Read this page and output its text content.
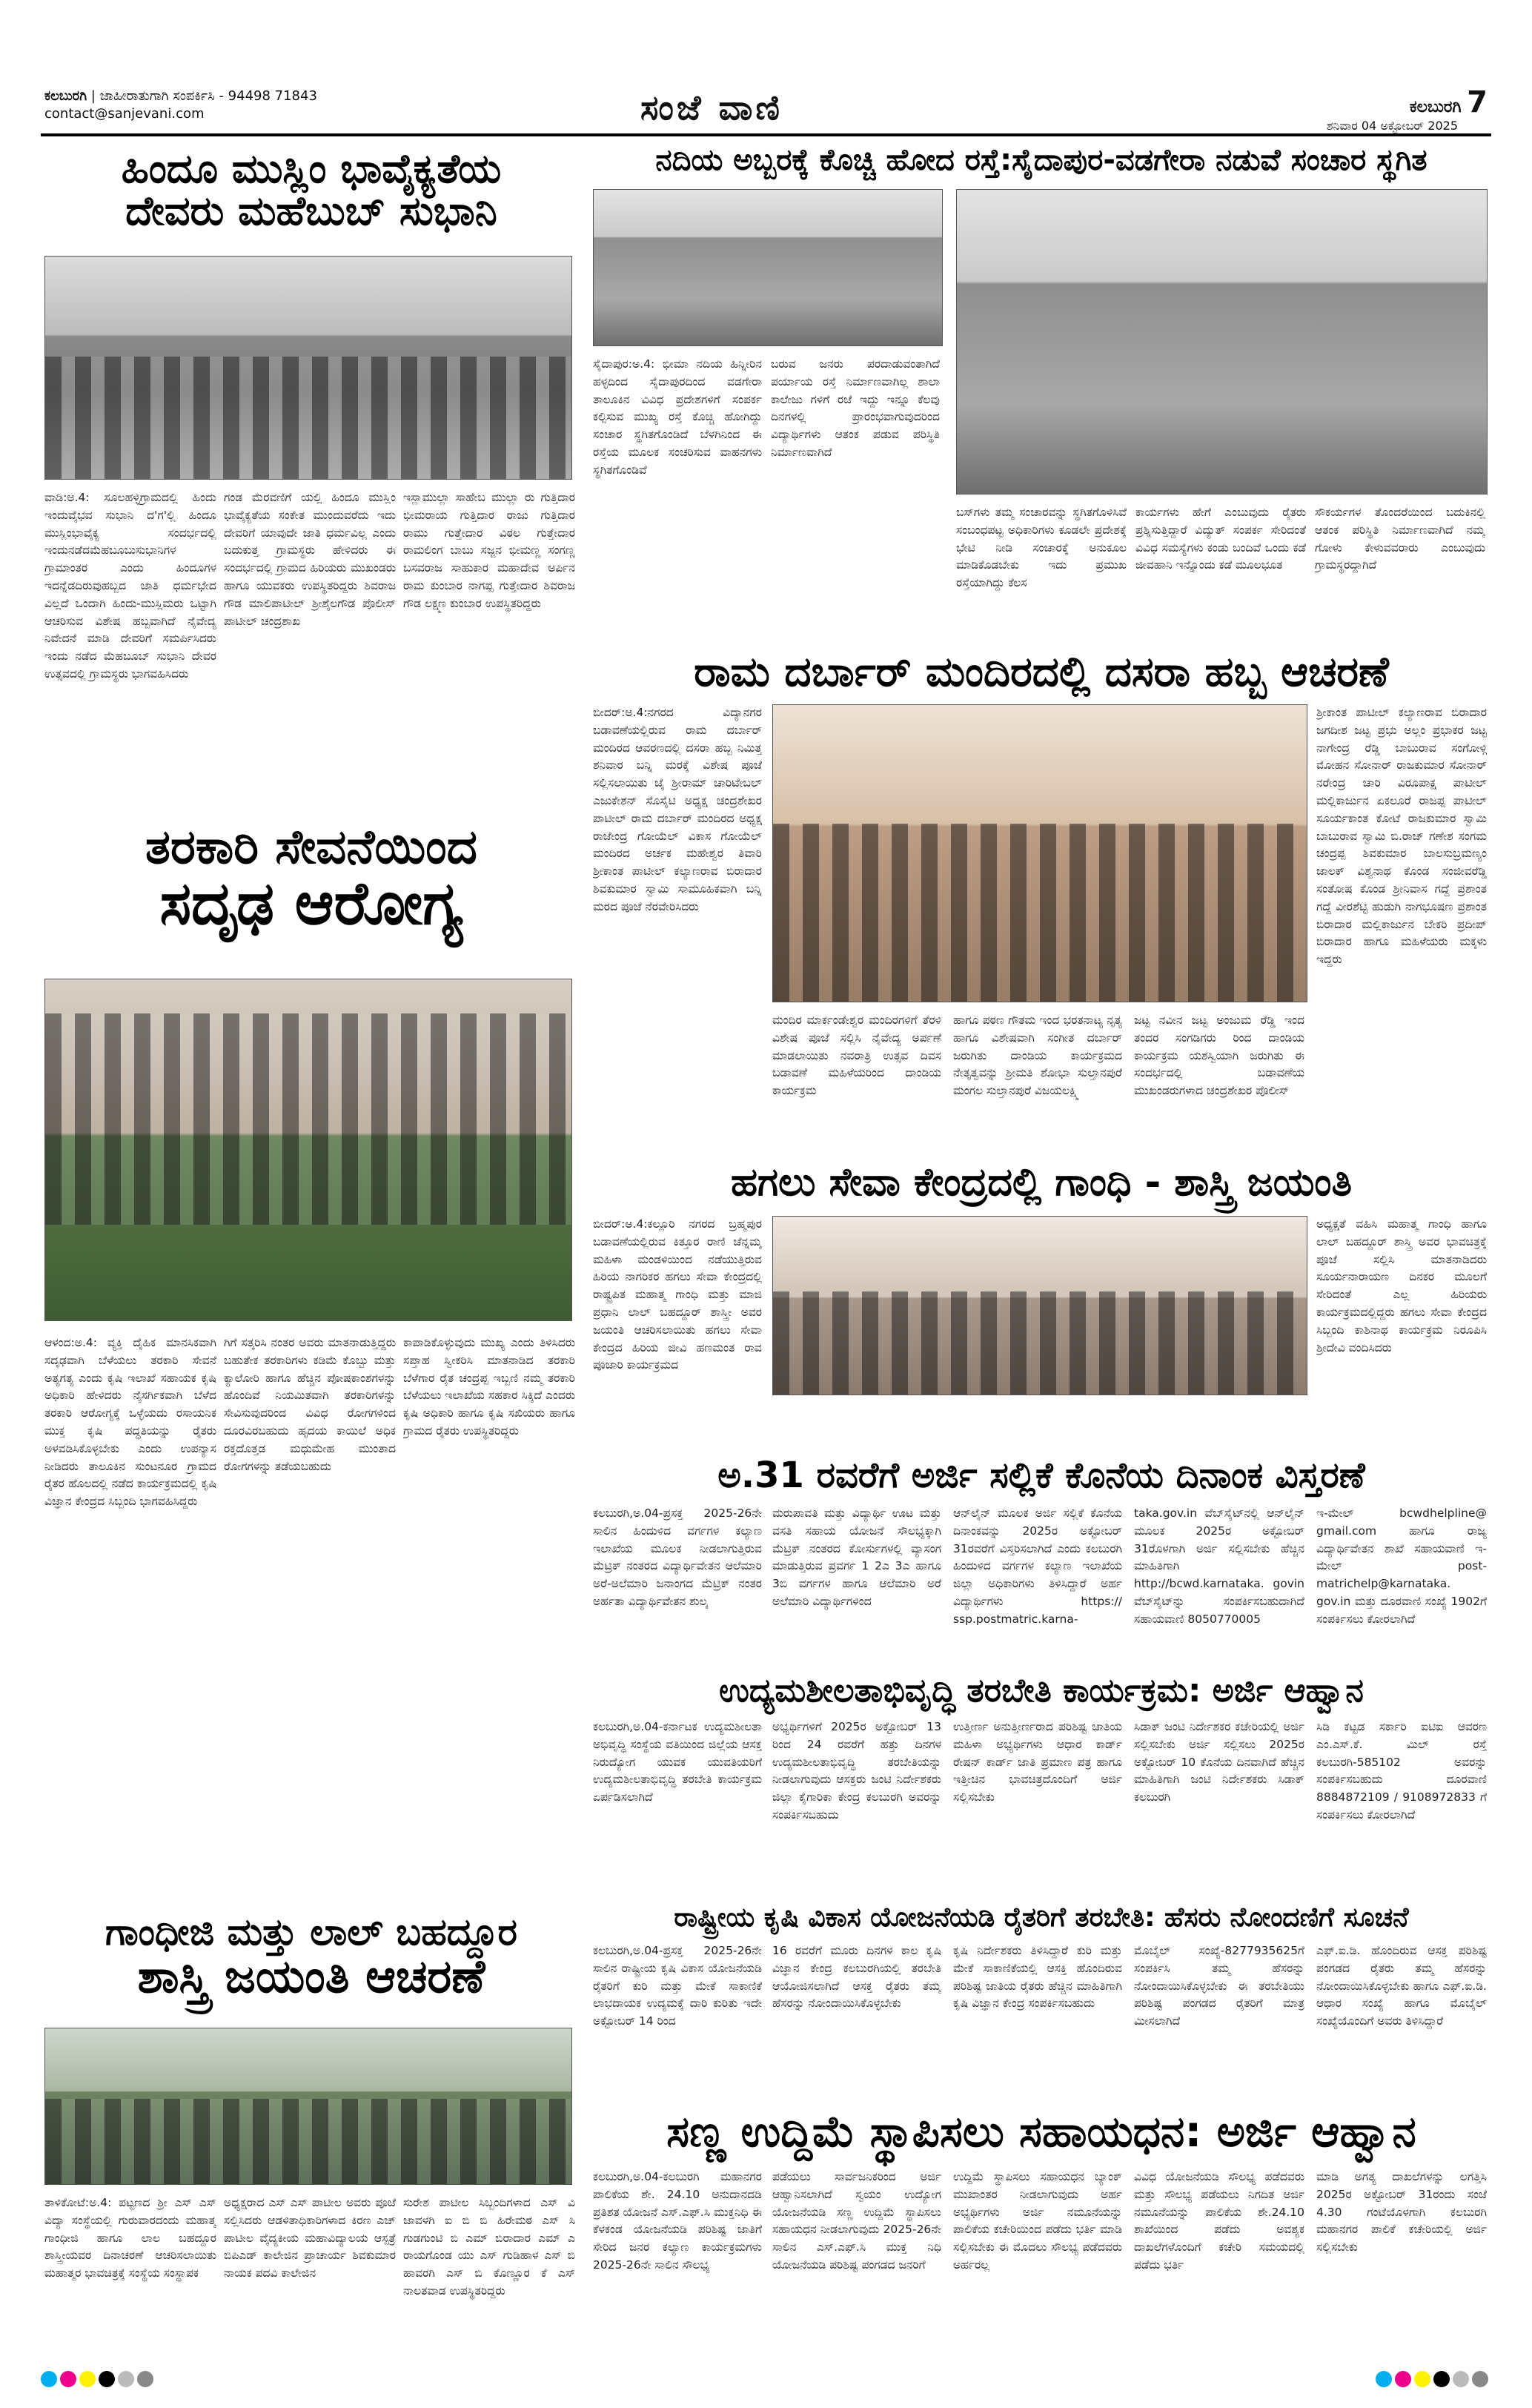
ಕಲಬುರಗಿ | ಜಾಹೀರಾತುಗಾಗಿ ಸಂಪರ್ಕಿಸಿ - 94498 71843
contact@sanjevani.com	ಸಂಜೆ ವಾಣಿ	ಕಲಬುರಗಿ 7
ಶನಿವಾರ 04 ಅಕ್ಟೋಬರ್ 2025
ಹಿಂದೂ ಮುಸ್ಲಿಂ ಭಾವೈಕ್ಯತೆಯ
ದೇವರು ಮಹೆಬುಬ್ ಸುಭಾನಿ
ವಾಡಿ:ಅ.4: ಸೂಲಹಳ್ಳಿಗ್ರಾಮದಲ್ಲಿ ಹಿಂದು ಇಂದುವೈಭವ ಸುಭಾನಿ ದ'ಗ'ಲ್ಲಿ ಹಿಂದೂ ಮುಸ್ಲಿಂಭಾವೈಕ್ಯ ಸಂದರ್ಭದಲ್ಲಿ ಇಂದುನಡೆದಮೆಹಬೂಬುಸುಭಾನಿಗಳ ಗ್ರಾಮಾಂತರ ಎಂದು ಹಿಂದೂಗಳ ಇದನ್ನೆಡದಿರುವುಹಬ್ಬದ ಜಾತಿ ಧರ್ಮಭೇದ ವಿಲ್ಲದೆ ಒಂದಾಗಿ ಹಿಂದು-ಮುಸ್ಲಿಮರು ಒಟ್ಟಾಗಿ ಆಚರಿಸುವ ವಿಶೇಷ ಹಬ್ಬವಾಗಿದೆ ನೈವೇದ್ಯ ನಿವೇದನೆ ಮಾಡಿ ದೇವರಿಗೆ ಸಮರ್ಪಿಸಿದರು ಇಂದು ನಡೆದ ಮೆಹಬೂಬ್ ಸುಭಾನಿ ದೇವರ ಉತ್ಸವದಲ್ಲಿ ಗ್ರಾಮಸ್ಥರು ಭಾಗವಹಿಸಿದರು
ಗಂಡ ಮೆರವಣಿಗೆ ಯಲ್ಲಿ ಹಿಂದೂ ಮುಸ್ಲಿಂ ಭಾವೈಕ್ಯತೆಯ ಸಂಕೇತ ಮುಂದುವರೆದು ಇದು ದೇವರಿಗೆ ಯಾವುದೇ ಜಾತಿ ಧರ್ಮವಿಲ್ಲ ಎಂದು ಬದುಕುತ್ತ ಗ್ರಾಮಸ್ಥರು ಹೇಳಿದರು ಈ ಸಂದರ್ಭದಲ್ಲಿ ಗ್ರಾಮದ ಹಿರಿಯರು ಮುಖಂಡರು ಹಾಗೂ ಯುವಕರು ಉಪಸ್ಥಿತರಿದ್ದರು ಶಿವರಾಜ ಗೌಡ ಮಾಲಿಪಾಟೀಲ್ ಶ್ರೀಶೈಲಗೌಡ ಪೊಲೀಸ್ ಪಾಟೀಲ್ ಚಂದ್ರಶಾಖ
ಇಸ್ಲಾಮುಲ್ಲಾ ಸಾಹೇಬ ಮುಲ್ಲಾ ರು ಗುತ್ತಿದಾರ ಭೀಮರಾಯ ಗುತ್ತಿದಾರ ರಾಜು ಗುತ್ತಿದಾರ ರಾಮು ಗುತ್ತೇದಾರ ವಿಠಲ ಗುತ್ತೇದಾರ ರಾಮಲಿಂಗ ಬಾಬು ಸಜ್ಜನ ಭೀಮಣ್ಣ ಸಂಗಣ್ಣ ಬಸವರಾಜ ಸಾಹುಕಾರ ಮಹಾದೇವ ಅರ್ಪಿನ ರಾಮ ಕುಂಬಾರ ನಾಗಪ್ಪ ಗುತ್ತೇದಾರ ಶಿವರಾಜ ಗೌಡ ಲಕ್ಷ್ಮಣ ಕುಂಬಾರ ಉಪಸ್ಥಿತರಿದ್ದರು
ತರಕಾರಿ ಸೇವನೆಯಿಂದ
ಸದೃಢ ಆರೋಗ್ಯ
ಆಳಂದ:ಅ.4: ವ್ಯಕ್ತಿ ದೈಹಿಕ ಮಾನಸಿಕವಾಗಿ ಸದೃಢವಾಗಿ ಬೆಳೆಯಲು ತರಕಾರಿ ಸೇವನೆ ಅತ್ಯಗತ್ಯ ಎಂದು ಕೃಷಿ ಇಲಾಖೆ ಸಹಾಯಕ ಕೃಷಿ ಅಧಿಕಾರಿ ಹೇಳಿದರು ನೈಸರ್ಗಿಕವಾಗಿ ಬೆಳೆದ ತರಕಾರಿ ಆರೋಗ್ಯಕ್ಕೆ ಒಳ್ಳೆಯದು ರಸಾಯನಿಕ ಮುಕ್ತ ಕೃಷಿ ಪದ್ಧತಿಯನ್ನು ರೈತರು ಅಳವಡಿಸಿಕೊಳ್ಳಬೇಕು ಎಂದು ಉಪನ್ಯಾಸ ನೀಡಿದರು ತಾಲೂಕಿನ ಸುಂಟನೂರ ಗ್ರಾಮದ ರೈತರ ಹೊಲದಲ್ಲಿ ನಡೆದ ಕಾರ್ಯಕ್ರಮದಲ್ಲಿ ಕೃಷಿ ವಿಜ್ಞಾನ ಕೇಂದ್ರದ ಸಿಬ್ಬಂದಿ ಭಾಗವಹಿಸಿದ್ದರು
ಗಿಗೆ ಸತ್ಕರಿಸಿ ನಂತರ ಅವರು ಮಾತನಾಡುತ್ತಿದ್ದರು ಬಹುತೇಕ ತರಕಾರಿಗಳು ಕಡಿಮೆ ಕೊಬ್ಬು ಮತ್ತು ಕ್ಯಾಲೋರಿ ಹಾಗೂ ಹೆಚ್ಚಿನ ಪೋಷಕಾಂಶಗಳನ್ನು ಹೊಂದಿವೆ ನಿಯಮಿತವಾಗಿ ತರಕಾರಿಗಳನ್ನು ಸೇವಿಸುವುದರಿಂದ ವಿವಿಧ ರೋಗಗಳಿಂದ ದೂರವಿರಬಹುದು ಹೃದಯ ಕಾಯಿಲೆ ಅಧಿಕ ರಕ್ತದೊತ್ತಡ ಮಧುಮೇಹ ಮುಂತಾದ ರೋಗಗಳನ್ನು ತಡೆಯಬಹುದು
ಕಾಪಾಡಿಕೊಳ್ಳುವುದು ಮುಖ್ಯ ಎಂದು ತಿಳಿಸಿದರು ಸಪ್ತಾಹ ಸ್ವೀಕರಿಸಿ ಮಾತನಾಡಿದ ತರಕಾರಿ ಬೆಳೆಗಾರ ರೈತ ಚಂದ್ರಪ್ಪ ಇಬ್ಬಣಿ ನಮ್ಮ ತರಕಾರಿ ಬೆಳೆಯಲು ಇಲಾಖೆಯ ಸಹಕಾರ ಸಿಕ್ಕಿದೆ ಎಂದರು ಕೃಷಿ ಅಧಿಕಾರಿ ಹಾಗೂ ಕೃಷಿ ಸಖಿಯರು ಹಾಗೂ ಗ್ರಾಮದ ರೈತರು ಉಪಸ್ಥಿತರಿದ್ದರು
ಗಾಂಧೀಜಿ ಮತ್ತು ಲಾಲ್ ಬಹದ್ದೂರ
ಶಾಸ್ತ್ರಿ ಜಯಂತಿ ಆಚರಣೆ
ತಾಳಿಕೋಟೆ:ಅ.4: ಪಟ್ಟಣದ ಶ್ರೀ ಎಸ್ ಎಸ್ ವಿದ್ಯಾ ಸಂಸ್ಥೆಯಲ್ಲಿ ಗುರುವಾರದಂದು ಮಹಾತ್ಮ ಗಾಂಧೀಜಿ ಹಾಗೂ ಲಾಲ ಬಹದ್ದೂರ ಶಾಸ್ತ್ರೀಯವರ ದಿನಾಚರಣೆ ಆಚರಿಸಲಾಯಿತು ಮಹಾತ್ಮರ ಭಾವಚಿತ್ರಕ್ಕೆ ಸಂಸ್ಥೆಯ ಸಂಸ್ಥಾಪಕ
ಅಧ್ಯಕ್ಷರಾದ ಎಸ್ ಎಸ್ ಪಾಟೀಲ ಅವರು ಪೂಜೆ ಸಲ್ಲಿಸಿದರು ಆಡಳಿತಾಧಿಕಾರಿಗಳಾದ ಕಿರಣ ಎಚ್ ಪಾಟೀಲ ವೈದ್ಯಕೀಯ ಮಹಾವಿದ್ಯಾಲಯ ಆಸ್ಪತ್ರೆ ಬಿಪಿಎಡ್ ಕಾಲೇಜಿನ ಪ್ರಾಚಾರ್ಯ ಶಿವಕುಮಾರ ನಾಯಕ ಪದವಿ ಕಾಲೇಜಿನ
ಸುರೇಶ ಪಾಟೀಲ ಸಿಬ್ಬಂದಿಗಳಾದ ಎಸ್ ವಿ ಜಾವಳಗಿ ಐ ಬಿ ಬಿ ಹಿರೇಮಠ ಎಸ್ ಸಿ ಗುಡಗುಂಟಿ ಬಿ ಎಮ್ ಬಿರಾದಾರ ಎಮ್ ಎ ರಾಯಗೊಂಡ ಯು ಎಸ್ ಗುಡಿಹಾಳ ಎಸ್ ಬಿ ಹಾವರಗಿ ಎಸ್ ಬಿ ಕೊಣ್ಣೂರ ಕೆ ಎಸ್ ನಾಲತವಾಡ ಉಪಸ್ಥಿತರಿದ್ದರು
ನದಿಯ ಅಬ್ಬರಕ್ಕೆ ಕೊಚ್ಚಿ ಹೋದ ರಸ್ತೆ:ಸೈದಾಪುರ-ವಡಗೇರಾ ನಡುವೆ ಸಂಚಾರ ಸ್ಥಗಿತ
ಸೈದಾಪುರ:ಅ.4: ಭೀಮಾ ನದಿಯ ಹಿನ್ನೀರಿನ ಹಳ್ಳದಿಂದ ಸೈದಾಪುರದಿಂದ ವಡಗೇರಾ ತಾಲೂಕಿನ ವಿವಿಧ ಪ್ರದೇಶಗಳಿಗೆ ಸಂಪರ್ಕ ಕಲ್ಪಿಸುವ ಮುಖ್ಯ ರಸ್ತೆ ಕೊಚ್ಚಿ ಹೋಗಿದ್ದು ಸಂಚಾರ ಸ್ಥಗಿತಗೊಂಡಿದೆ ಬೆಳಗಿನಿಂದ ಈ ರಸ್ತೆಯ ಮೂಲಕ ಸಂಚರಿಸುವ ವಾಹನಗಳು ಸ್ಥಗಿತಗೊಂಡಿವೆ
ಬರುವ ಜನರು ಪರದಾಡುವಂತಾಗಿದೆ ಪರ್ಯಾಯ ರಸ್ತೆ ನಿರ್ಮಾಣವಾಗಿಲ್ಲ ಶಾಲಾ ಕಾಲೇಜು ಗಳಿಗೆ ರಜೆ ಇದ್ದು ಇನ್ನೂ ಕೆಲವು ದಿನಗಳಲ್ಲಿ ಪ್ರಾರಂಭವಾಗುವುದರಿಂದ ವಿದ್ಯಾರ್ಥಿಗಳು ಆತಂಕ ಪಡುವ ಪರಿಸ್ಥಿತಿ ನಿರ್ಮಾಣವಾಗಿದೆ
ಬಸ್‌ಗಳು ತಮ್ಮ ಸಂಚಾರವನ್ನು ಸ್ಥಗಿತಗೊಳಿಸಿವೆ ಸಂಬಂಧಪಟ್ಟ ಅಧಿಕಾರಿಗಳು ಕೂಡಲೇ ಪ್ರದೇಶಕ್ಕೆ ಭೇಟಿ ನೀಡಿ ಸಂಚಾರಕ್ಕೆ ಅನುಕೂಲ ಮಾಡಿಕೊಡಬೇಕು ಇದು ಪ್ರಮುಖ ರಸ್ತೆಯಾಗಿದ್ದು ಕೆಲಸ
ಕಾರ್ಯಗಳು ಹೇಗೆ ಎಂಬುವುದು ರೈತರು ಪ್ರಶ್ನಿಸುತ್ತಿದ್ದಾರೆ ವಿದ್ಯುತ್ ಸಂಪರ್ಕ ಸೇರಿದಂತೆ ವಿವಿಧ ಸಮಸ್ಯೆಗಳು ಕಂಡು ಬಂದಿವೆ ಒಂದು ಕಡೆ ಜೀವಹಾನಿ ಇನ್ನೊಂದು ಕಡೆ ಮೂಲಭೂತ
ಸೌಕರ್ಯಗಳ ತೊಂದರೆಯಿಂದ ಬದುಕಿನಲ್ಲಿ ಆತಂಕ ಪರಿಸ್ಥಿತಿ ನಿರ್ಮಾಣವಾಗಿದೆ ನಮ್ಮ ಗೋಳು ಕೇಳುವವರಾರು ಎಂಬುವುದು ಗ್ರಾಮಸ್ಥರದ್ದಾಗಿದೆ
ರಾಮ ದರ್ಬಾರ್ ಮಂದಿರದಲ್ಲಿ ದಸರಾ ಹಬ್ಬ ಆಚರಣೆ
ಬೀದರ್:ಅ.4:ನಗರದ ವಿದ್ಯಾನಗರ ಬಡಾವಣೆಯಲ್ಲಿರುವ ರಾಮ ದರ್ಬಾರ್ ಮಂದಿರದ ಆವರಣದಲ್ಲಿ ದಸರಾ ಹಬ್ಬ ನಿಮಿತ್ತ ಶನಿವಾರ ಬನ್ನಿ ಮರಕ್ಕೆ ವಿಶೇಷ ಪೂಜೆ ಸಲ್ಲಿಸಲಾಯಿತು ಜೈ ಶ್ರೀರಾಮ್ ಚಾರಿಟೇಬಲ್ ಎಜುಕೇಶನ್ ಸೊಸೈಟಿ ಅಧ್ಯಕ್ಷ ಚಂದ್ರಶೇಖರ ಪಾಟೀಲ್ ರಾಮ ದರ್ಬಾರ್ ಮಂದಿರದ ಅಧ್ಯಕ್ಷ ರಾಜೇಂದ್ರ ಗೋಯೆಲ್ ವಿಕಾಸ ಗೋಯೆಲ್ ಮಂದಿರದ ಅರ್ಚಕ ಮಹೇಶ್ವರ ತಿವಾರಿ ಶ್ರೀಕಾಂತ ಪಾಟೀಲ್ ಕಲ್ಯಾಣರಾವ ಬಿರಾದಾರ ಶಿವಕುಮಾರ ಸ್ವಾಮಿ ಸಾಮೂಹಿಕವಾಗಿ ಬನ್ನಿ ಮರದ ಪೂಜೆ ನೆರವೇರಿಸಿದರು
ಮಂದಿರ ಮಾರ್ಕಂಡೇಶ್ವರ ಮಂದಿರಗಳಿಗೆ ತೆರಳಿ ವಿಶೇಷ ಪೂಜೆ ಸಲ್ಲಿಸಿ ನೈವೇದ್ಯ ಅರ್ಪಣೆ ಮಾಡಲಾಯಿತು ನವರಾತ್ರಿ ಉತ್ಸವ ದಿವಸ ಬಡಾವಣೆ ಮಹಿಳೆಯರಿಂದ ದಾಂಡಿಯ ಕಾರ್ಯಕ್ರಮ
ಹಾಗೂ ಪಠಣ ಗೌತಮ ಇಂದ ಭರತನಾಟ್ಯ ನೃತ್ಯ ಹಾಗೂ ವಿಶೇಷವಾಗಿ ಸಂಗೀತ ದರ್ಬಾರ್ ಜರುಗಿತು ದಾಂಡಿಯ ಕಾರ್ಯಕ್ರಮದ ನೇತೃತ್ವವನ್ನು ಶ್ರೀಮತಿ ಶೋಭಾ ಸುಲ್ತಾನಪುರೆ ಮಂಗಲ ಸುಲ್ತಾನಪುರೆ ವಿಜಯಲಕ್ಷ್ಮಿ
ಜಟ್ಟ ನವೀನ ಜಟ್ಟ ಅಂಜುಮ ರೆಡ್ಡಿ ಇಂದ ತಂದರ ಸಂಗಡಿಗರು ರಿಂದ ದಾಂಡಿಯ ಕಾರ್ಯಕ್ರಮ ಯಶಸ್ವಿಯಾಗಿ ಜರುಗಿತು ಈ ಸಂದರ್ಭದಲ್ಲಿ ಬಡಾವಣೆಯ ಮುಖಂಡರುಗಳಾದ ಚಂದ್ರಶೇಖರ ಪೊಲೀಸ್
ಶ್ರೀಕಾಂತ ಪಾಟೀಲ್ ಕಲ್ಯಾಣರಾವ ಬಿರಾದಾರ ಜಗದೀಶ ಜಟ್ಟ ಪ್ರಭು ಅಲ್ಲಂ ಪ್ರಭಾಕರ ಜಟ್ಟ ನಾಗೇಂದ್ರ ರೆಡ್ಡಿ ಬಾಬುರಾವ ಸಂಗೋಳ್ಗಿ ಮೋಹನ ಸೋನಾರ್ ರಾಜಕುಮಾರ ಸೋನಾರ್ ನರೇಂದ್ರ ಚಾರಿ ವಿರೂಪಾಕ್ಷ ಪಾಟೀಲ್ ಮಲ್ಲಿಕಾರ್ಜುನ ಏಕಲೂರೆ ರಾಜಪ್ಪ ಪಾಟೀಲ್ ಸೂರ್ಯಕಾಂತ ಕೋಟೆ ರಾಜಕುಮಾರ ಸ್ವಾಮಿ ಬಾಬುರಾವ ಸ್ವಾಮಿ ಬಿ.ರಾಜ್ ಗಣೇಶ ಸಂಗಮ ಚಂದ್ರಪ್ಪ ಶಿವಕುಮಾರ ಬಾಲಸುಬ್ರಮಣ್ಯಂ ಜಾಲಕ್ ವಿಶ್ವನಾಥ ಕೊಂಡ ಸಂಜೀವರೆಡ್ಡಿ ಸಂತೋಷ ಕೊಂಡ ಶ್ರೀನಿವಾಸ ಗದ್ದೆ ಪ್ರಶಾಂತ ಗದ್ದೆ ವೀರಶೆಟ್ಟಿ ಹುಡುಗಿ ನಾಗಭೂಷಣ ಪ್ರಶಾಂತ ಬಿರಾದಾರ ಮಲ್ಲಿಕಾರ್ಜುನ ಬೇಕರಿ ಪ್ರದೀಪ್ ಬಿರಾದಾರ ಹಾಗೂ ಮಹಿಳೆಯರು ಮಕ್ಕಳು ಇದ್ದರು
ಹಗಲು ಸೇವಾ ಕೇಂದ್ರದಲ್ಲಿ ಗಾಂಧಿ - ಶಾಸ್ತ್ರಿ ಜಯಂತಿ
ಬೀದರ್:ಅ.4:ಕಲ್ಲೂರಿ ನಗರದ ಬ್ರಹ್ಮಪುರ ಬಡಾವಣೆಯಲ್ಲಿರುವ ಕಿತ್ತೂರ ರಾಣಿ ಚೆನ್ನಮ್ಮ ಮಹಿಳಾ ಮಂಡಳಿಯಿಂದ ನಡೆಯುತ್ತಿರುವ ಹಿರಿಯ ನಾಗರಿಕರ ಹಗಲು ಸೇವಾ ಕೇಂದ್ರದಲ್ಲಿ ರಾಷ್ಟ್ರಪಿತ ಮಹಾತ್ಮ ಗಾಂಧಿ ಮತ್ತು ಮಾಜಿ ಪ್ರಧಾನಿ ಲಾಲ್ ಬಹದ್ದೂರ್ ಶಾಸ್ತ್ರೀ ಅವರ ಜಯಂತಿ ಆಚರಿಸಲಾಯಿತು ಹಗಲು ಸೇವಾ ಕೇಂದ್ರದ ಹಿರಿಯ ಜೀವಿ ಹಣಮಂತ ರಾವ ಪೂಜಾರಿ ಕಾರ್ಯಕ್ರಮದ
ಅಧ್ಯಕ್ಷತೆ ವಹಿಸಿ ಮಹಾತ್ಮ ಗಾಂಧಿ ಹಾಗೂ ಲಾಲ್ ಬಹದ್ದೂರ್ ಶಾಸ್ತ್ರಿ ಅವರ ಭಾವಚಿತ್ರಕ್ಕೆ ಪೂಜೆ ಸಲ್ಲಿಸಿ ಮಾತನಾಡಿದರು ಸೂರ್ಯನಾರಾಯಣ ದಿನಕರ ಮೂಲಗೆ ಸೇರಿದಂತೆ ಎಲ್ಲ ಹಿರಿಯರು ಕಾರ್ಯಕ್ರಮದಲ್ಲಿದ್ದರು ಹಗಲು ಸೇವಾ ಕೇಂದ್ರದ ಸಿಬ್ಬಂದಿ ಕಾಶಿನಾಥ ಕಾರ್ಯಕ್ರಮ ನಿರೂಪಿಸಿ ಶ್ರೀದೇವಿ ವಂದಿಸಿದರು
ಅ.31 ರವರೆಗೆ ಅರ್ಜಿ ಸಲ್ಲಿಕೆ ಕೊನೆಯ ದಿನಾಂಕ ವಿಸ್ತರಣೆ
ಕಲಬುರಗಿ,ಅ.04-ಪ್ರಸಕ್ತ 2025-26ನೇ ಸಾಲಿನ ಹಿಂದುಳಿದ ವರ್ಗಗಳ ಕಲ್ಯಾಣ ಇಲಾಖೆಯ ಮೂಲಕ ನೀಡಲಾಗುತ್ತಿರುವ ಮೆಟ್ರಿಕ್ ನಂತರದ ವಿದ್ಯಾರ್ಥಿವೇತನ ಆಲೆಮಾರಿ ಅರೆ-ಅಲೆಮಾರಿ ಜನಾಂಗದ ಮೆಟ್ರಿಕ್ ನಂತರ ಅರ್ಹತಾ ವಿದ್ಯಾರ್ಥಿವೇತನ ಶುಲ್ಕ
ಮರುಪಾವತಿ ಮತ್ತು ವಿದ್ಯಾರ್ಥಿ ಊಟ ಮತ್ತು ವಸತಿ ಸಹಾಯ ಯೋಜನೆ ಸೌಲಭ್ಯಕ್ಕಾಗಿ ಮೆಟ್ರಿಕ್ ನಂತರದ ಕೋರ್ಸುಗಳಲ್ಲಿ ವ್ಯಾಸಂಗ ಮಾಡುತ್ತಿರುವ ಪ್ರವರ್ಗ 1 2ಎ 3ಎ ಹಾಗೂ 3ಬಿ ವರ್ಗಗಳ ಹಾಗೂ ಆಲೆಮಾರಿ ಅರೆ ಅಲೆಮಾರಿ ವಿದ್ಯಾರ್ಥಿಗಳಿಂದ
ಆನ್‌ಲೈನ್ ಮೂಲಕ ಅರ್ಜಿ ಸಲ್ಲಿಕೆ ಕೊನೆಯ ದಿನಾಂಕವನ್ನು 2025ರ ಅಕ್ಟೋಬರ್ 31ರವರೆಗೆ ವಿಸ್ತರಿಸಲಾಗಿದೆ ಎಂದು ಕಲಬುರಗಿ ಹಿಂದುಳಿದ ವರ್ಗಗಳ ಕಲ್ಯಾಣ ಇಲಾಖೆಯ ಜಿಲ್ಲಾ ಅಧಿಕಾರಿಗಳು ತಿಳಿಸಿದ್ದಾರೆ ಅರ್ಹ ವಿದ್ಯಾರ್ಥಿಗಳು https:// ssp.postmatric.karna-
taka.gov.in ವೆಬ್‌ಸೈಟ್‌ನಲ್ಲಿ ಆನ್‌ಲೈನ್ ಮೂಲಕ 2025ರ ಅಕ್ಟೋಬರ್ 31ರೊಳಗಾಗಿ ಅರ್ಜಿ ಸಲ್ಲಿಸಬೇಕು ಹೆಚ್ಚಿನ ಮಾಹಿತಿಗಾಗಿ http://bcwd.karnataka. govin ವೆಬ್‌ಸೈಟ್‌ನ್ನು ಸಂಪರ್ಕಿಸಬಹುದಾಗಿದೆ ಸಹಾಯವಾಣಿ 8050770005
ಇ-ಮೇಲ್ bcwdhelpline@ gmail.com ಹಾಗೂ ರಾಜ್ಯ ವಿದ್ಯಾರ್ಥಿವೇತನ ಶಾಖೆ ಸಹಾಯವಾಣಿ ಇ-ಮೇಲ್ post-matrichelp@karnataka. gov.in ಮತ್ತು ದೂರವಾಣಿ ಸಂಖ್ಯೆ 1902ಗೆ ಸಂಪರ್ಕಿಸಲು ಕೋರಲಾಗಿದೆ
ಉದ್ಯಮಶೀಲತಾಭಿವೃದ್ಧಿ ತರಬೇತಿ ಕಾರ್ಯಕ್ರಮ: ಅರ್ಜಿ ಆಹ್ವಾನ
ಕಲಬುರಗಿ,ಅ.04-ಕರ್ನಾಟಕ ಉದ್ಯಮಶೀಲತಾ ಅಭಿವೃದ್ಧಿ ಸಂಸ್ಥೆಯ ವತಿಯಿಂದ ಜಿಲ್ಲೆಯ ಆಸಕ್ತ ನಿರುದ್ಯೋಗ ಯುವಕ ಯುವತಿಯರಿಗೆ ಉದ್ಯಮಶೀಲತಾಭಿವೃದ್ಧಿ ತರಬೇತಿ ಕಾರ್ಯಕ್ರಮ ಏರ್ಪಡಿಸಲಾಗಿದೆ
ಅಭ್ಯರ್ಥಿಗಳಿಗೆ 2025ರ ಅಕ್ಟೋಬರ್ 13 ರಿಂದ 24 ರವರೆಗೆ ಹತ್ತು ದಿನಗಳ ಉದ್ಯಮಶೀಲತಾಭಿವೃದ್ಧಿ ತರಬೇತಿಯನ್ನು ನೀಡಲಾಗುವುದು ಆಸಕ್ತರು ಜಂಟಿ ನಿರ್ದೇಶಕರು ಜಿಲ್ಲಾ ಕೈಗಾರಿಕಾ ಕೇಂದ್ರ ಕಲಬುರಗಿ ಅವರನ್ನು ಸಂಪರ್ಕಿಸಬಹುದು
ಉತ್ತೀರ್ಣ ಅನುತ್ತೀರ್ಣರಾದ ಪರಿಶಿಷ್ಟ ಜಾತಿಯ ಮಹಿಳಾ ಅಭ್ಯರ್ಥಿಗಳು ಆಧಾರ ಕಾರ್ಡ್ ರೇಷನ್ ಕಾರ್ಡ್ ಜಾತಿ ಪ್ರಮಾಣ ಪತ್ರ ಹಾಗೂ ಇತ್ತೀಚಿನ ಭಾವಚಿತ್ರದೊಂದಿಗೆ ಅರ್ಜಿ ಸಲ್ಲಿಸಬೇಕು
ಸಿಡಾಕ್ ಜಂಟಿ ನಿರ್ದೇಶಕರ ಕಚೇರಿಯಲ್ಲಿ ಅರ್ಜಿ ಸಲ್ಲಿಸಬೇಕು ಅರ್ಜಿ ಸಲ್ಲಿಸಲು 2025ರ ಅಕ್ಟೋಬರ್ 10 ಕೊನೆಯ ದಿನವಾಗಿದೆ ಹೆಚ್ಚಿನ ಮಾಹಿತಿಗಾಗಿ ಜಂಟಿ ನಿರ್ದೇಶಕರು ಸಿಡಾಕ್ ಕಲಬುರಗಿ
ಸಿಡಿ ಕಟ್ಟಡ ಸರ್ಕಾರಿ ಐಟಿಐ ಆವರಣ ಎಂ.ಎಸ್.ಕೆ. ಮಿಲ್ ರಸ್ತೆ ಕಲಬುರಗಿ-585102 ಅವರನ್ನು ಸಂಪರ್ಕಿಸಬಹುದು ದೂರವಾಣಿ 8884872109 / 9108972833 ಗೆ ಸಂಪರ್ಕಿಸಲು ಕೋರಲಾಗಿದೆ
ರಾಷ್ಟ್ರೀಯ ಕೃಷಿ ವಿಕಾಸ ಯೋಜನೆಯಡಿ ರೈತರಿಗೆ ತರಬೇತಿ: ಹೆಸರು ನೋಂದಣಿಗೆ ಸೂಚನೆ
ಕಲಬುರಗಿ,ಅ.04-ಪ್ರಸಕ್ತ 2025-26ನೇ ಸಾಲಿನ ರಾಷ್ಟ್ರೀಯ ಕೃಷಿ ವಿಕಾಸ ಯೋಜನೆಯಡಿ ರೈತರಿಗೆ ಕುರಿ ಮತ್ತು ಮೇಕೆ ಸಾಕಾಣಿಕೆ ಲಾಭದಾಯಕ ಉದ್ಯಮಕ್ಕೆ ದಾರಿ ಕುರಿತು ಇದೇ ಅಕ್ಟೋಬರ್ 14 ರಿಂದ
16 ರವರೆಗೆ ಮೂರು ದಿನಗಳ ಕಾಲ ಕೃಷಿ ವಿಜ್ಞಾನ ಕೇಂದ್ರ ಕಲಬುರಗಿಯಲ್ಲಿ ತರಬೇತಿ ಆಯೋಜಿಸಲಾಗಿದೆ ಆಸಕ್ತ ರೈತರು ತಮ್ಮ ಹೆಸರನ್ನು ನೋಂದಾಯಿಸಿಕೊಳ್ಳಬೇಕು
ಕೃಷಿ ನಿರ್ದೇಶಕರು ತಿಳಿಸಿದ್ದಾರೆ ಕುರಿ ಮತ್ತು ಮೇಕೆ ಸಾಕಾಣಿಕೆಯಲ್ಲಿ ಆಸಕ್ತಿ ಹೊಂದಿರುವ ಪರಿಶಿಷ್ಟ ಜಾತಿಯ ರೈತರು ಹೆಚ್ಚಿನ ಮಾಹಿತಿಗಾಗಿ ಕೃಷಿ ವಿಜ್ಞಾನ ಕೇಂದ್ರ ಸಂಪರ್ಕಿಸಬಹುದು
ಮೊಬೈಲ್ ಸಂಖ್ಯೆ-8277935625ಗೆ ಸಂಪರ್ಕಿಸಿ ತಮ್ಮ ಹೆಸರನ್ನು ನೋಂದಾಯಿಸಿಕೊಳ್ಳಬೇಕು ಈ ತರಬೇತಿಯು ಪರಿಶಿಷ್ಟ ಪಂಗಡದ ರೈತರಿಗೆ ಮಾತ್ರ ಮೀಸಲಾಗಿದೆ
ಎಫ್.ಐ.ಡಿ. ಹೊಂದಿರುವ ಆಸಕ್ತ ಪರಿಶಿಷ್ಟ ಪಂಗಡದ ರೈತರು ತಮ್ಮ ಹೆಸರನ್ನು ನೋಂದಾಯಿಸಿಕೊಳ್ಳಬೇಕು ಹಾಗೂ ಎಫ್.ಐ.ಡಿ. ಆಧಾರ ಸಂಖ್ಯೆ ಹಾಗೂ ಮೊಬೈಲ್ ಸಂಖ್ಯೆಯೊಂದಿಗೆ ಅವರು ತಿಳಿಸಿದ್ದಾರೆ
ಸಣ್ಣ ಉದ್ದಿಮೆ ಸ್ಥಾಪಿಸಲು ಸಹಾಯಧನ: ಅರ್ಜಿ ಆಹ್ವಾನ
ಕಲಬುರಗಿ,ಅ.04-ಕಲಬುರಗಿ ಮಹಾನಗರ ಪಾಲಿಕೆಯ ಶೇ. 24.10 ಅನುದಾನದಡಿ ಪ್ರತಿಶತ ಯೋಜನೆ ಎಸ್.ಎಫ್.ಸಿ ಮುಕ್ತನಿಧಿ ಈ ಕೆಳಕಂಡ ಯೋಜನೆಯಡಿ ಪರಿಶಿಷ್ಟ ಜಾತಿಗೆ ಸೇರಿದ ಜನರ ಕಲ್ಯಾಣ ಕಾರ್ಯಕ್ರಮಗಳು 2025-26ನೇ ಸಾಲಿನ ಸೌಲಭ್ಯ
ಪಡೆಯಲು ಸಾರ್ವಜನಿಕರಿಂದ ಅರ್ಜಿ ಆಹ್ವಾನಿಸಲಾಗಿದೆ ಸ್ವಯಂ ಉದ್ಯೋಗ ಯೋಜನೆಯಡಿ ಸಣ್ಣ ಉದ್ದಿಮೆ ಸ್ಥಾಪಿಸಲು ಸಹಾಯಧನ ನೀಡಲಾಗುವುದು 2025-26ನೇ ಸಾಲಿನ ಎಸ್.ಎಫ್.ಸಿ ಮುಕ್ತ ನಿಧಿ ಯೋಜನೆಯಡಿ ಪರಿಶಿಷ್ಟ ಪಂಗಡದ ಜನರಿಗೆ
ಉದ್ದಿಮೆ ಸ್ಥಾಪಿಸಲು ಸಹಾಯಧನ ಬ್ಯಾಂಕ್ ಮುಖಾಂತರ ನೀಡಲಾಗುವುದು ಅರ್ಹ ಅಭ್ಯರ್ಥಿಗಳು ಅರ್ಜಿ ನಮೂನೆಯನ್ನು ಪಾಲಿಕೆಯ ಕಚೇರಿಯಿಂದ ಪಡೆದು ಭರ್ತಿ ಮಾಡಿ ಸಲ್ಲಿಸಬೇಕು ಈ ಮೊದಲು ಸೌಲಭ್ಯ ಪಡೆದವರು ಅರ್ಹರಲ್ಲ
ವಿವಿಧ ಯೋಜನೆಯಡಿ ಸೌಲಭ್ಯ ಪಡೆದವರು ಮತ್ತು ಸೌಲಭ್ಯ ಪಡೆಯಲು ನಿಗದಿತ ಅರ್ಜಿ ನಮೂನೆಯನ್ನು ಪಾಲಿಕೆಯ ಶೇ.24.10 ಶಾಖೆಯಿಂದ ಪಡೆದು ಅವಶ್ಯಕ ದಾಖಲೆಗಳೊಂದಿಗೆ ಕಚೇರಿ ಸಮಯದಲ್ಲಿ ಪಡೆದು ಭರ್ತಿ
ಮಾಡಿ ಅಗತ್ಯ ದಾಖಲೆಗಳನ್ನು ಲಗತ್ತಿಸಿ 2025ರ ಅಕ್ಟೋಬರ್ 31ರಂದು ಸಂಜೆ 4.30 ಗಂಟೆಯೊಳಗಾಗಿ ಕಲಬುರಗಿ ಮಹಾನಗರ ಪಾಲಿಕೆ ಕಚೇರಿಯಲ್ಲಿ ಅರ್ಜಿ ಸಲ್ಲಿಸಬೇಕು
